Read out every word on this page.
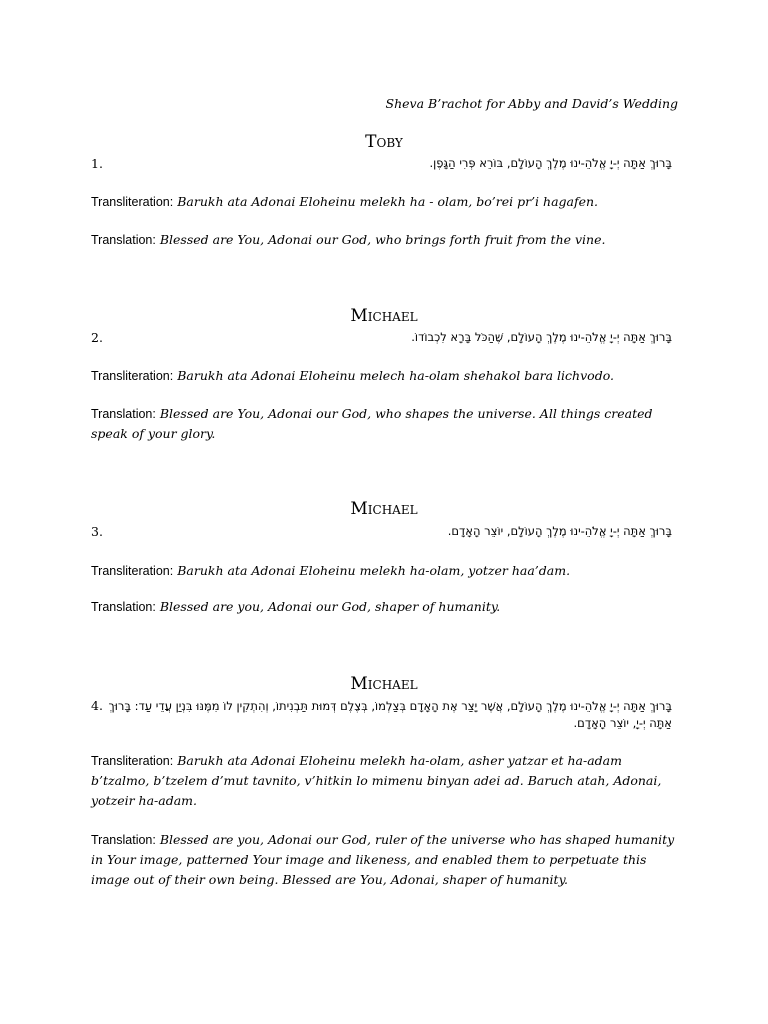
Sheva B’rachot for Abby and David’s Wedding
Toby
1.	בָּרוּךְ אַתָּה יְ-יָ אֱלֹהֵ-ינוּ מֶלֶךְ הָעוֹלָם, בּוֹרֵא פְּרִי הַגָּפֶן.
Transliteration: Barukh ata Adonai Eloheinu melekh ha - olam, bo’rei pr’i hagafen.
Translation: Blessed are You, Adonai our God, who brings forth fruit from the vine.
Michael
2.	בָּרוּךְ אַתָּה יְ-יָ אֱלֹהֵ-ינוּ מֶלֶךְ הָעוֹלָם, שֶׁהַכֹּל בָּרָא לִכְבוֹדוֹ.
Transliteration: Barukh ata Adonai Eloheinu melech ha-olam shehakol bara lichvodo.
Translation: Blessed are You, Adonai our God, who shapes the universe. All things created speak of your glory.
Michael
3.	בָּרוּךְ אַתָּה יְ-יָ אֱלֹהֵ-ינוּ מֶלֶךְ הָעוֹלָם, יוֹצֵר הָאָדָם.
Transliteration: Barukh ata Adonai Eloheinu melekh ha-olam, yotzer haa’dam.
Translation: Blessed are you, Adonai our God, shaper of humanity.
Michael
4. בָּרוּךְ אַתָּה יְ-יָ אֱלֹהֵ-ינוּ מֶלֶךְ הָעוֹלָם, אֲשֶׁר יָצַר אֶת הָאָדָם בְּצַלְמוֹ, בְּצֶלֶם דְּמוּת תַּבְנִיתוֹ, וְהִתְקִין לוֹ מִמֶּנּוּ בִּנְיַן עֲדֵי עַד: בָּרוּךְ אַתָּה יְ-יָ, יוֹצֵר הָאָדָם.
Transliteration: Barukh ata Adonai Eloheinu melekh ha-olam, asher yatzar et ha-adam b’tzalmo, b’tzelem d’mut tavnito, v’hitkin lo mimenu binyan adei ad. Baruch atah, Adonai, yotzeir ha-adam.
Translation: Blessed are you, Adonai our God, ruler of the universe who has shaped humanity in Your image, patterned Your image and likeness, and enabled them to perpetuate this image out of their own being. Blessed are You, Adonai, shaper of humanity.
